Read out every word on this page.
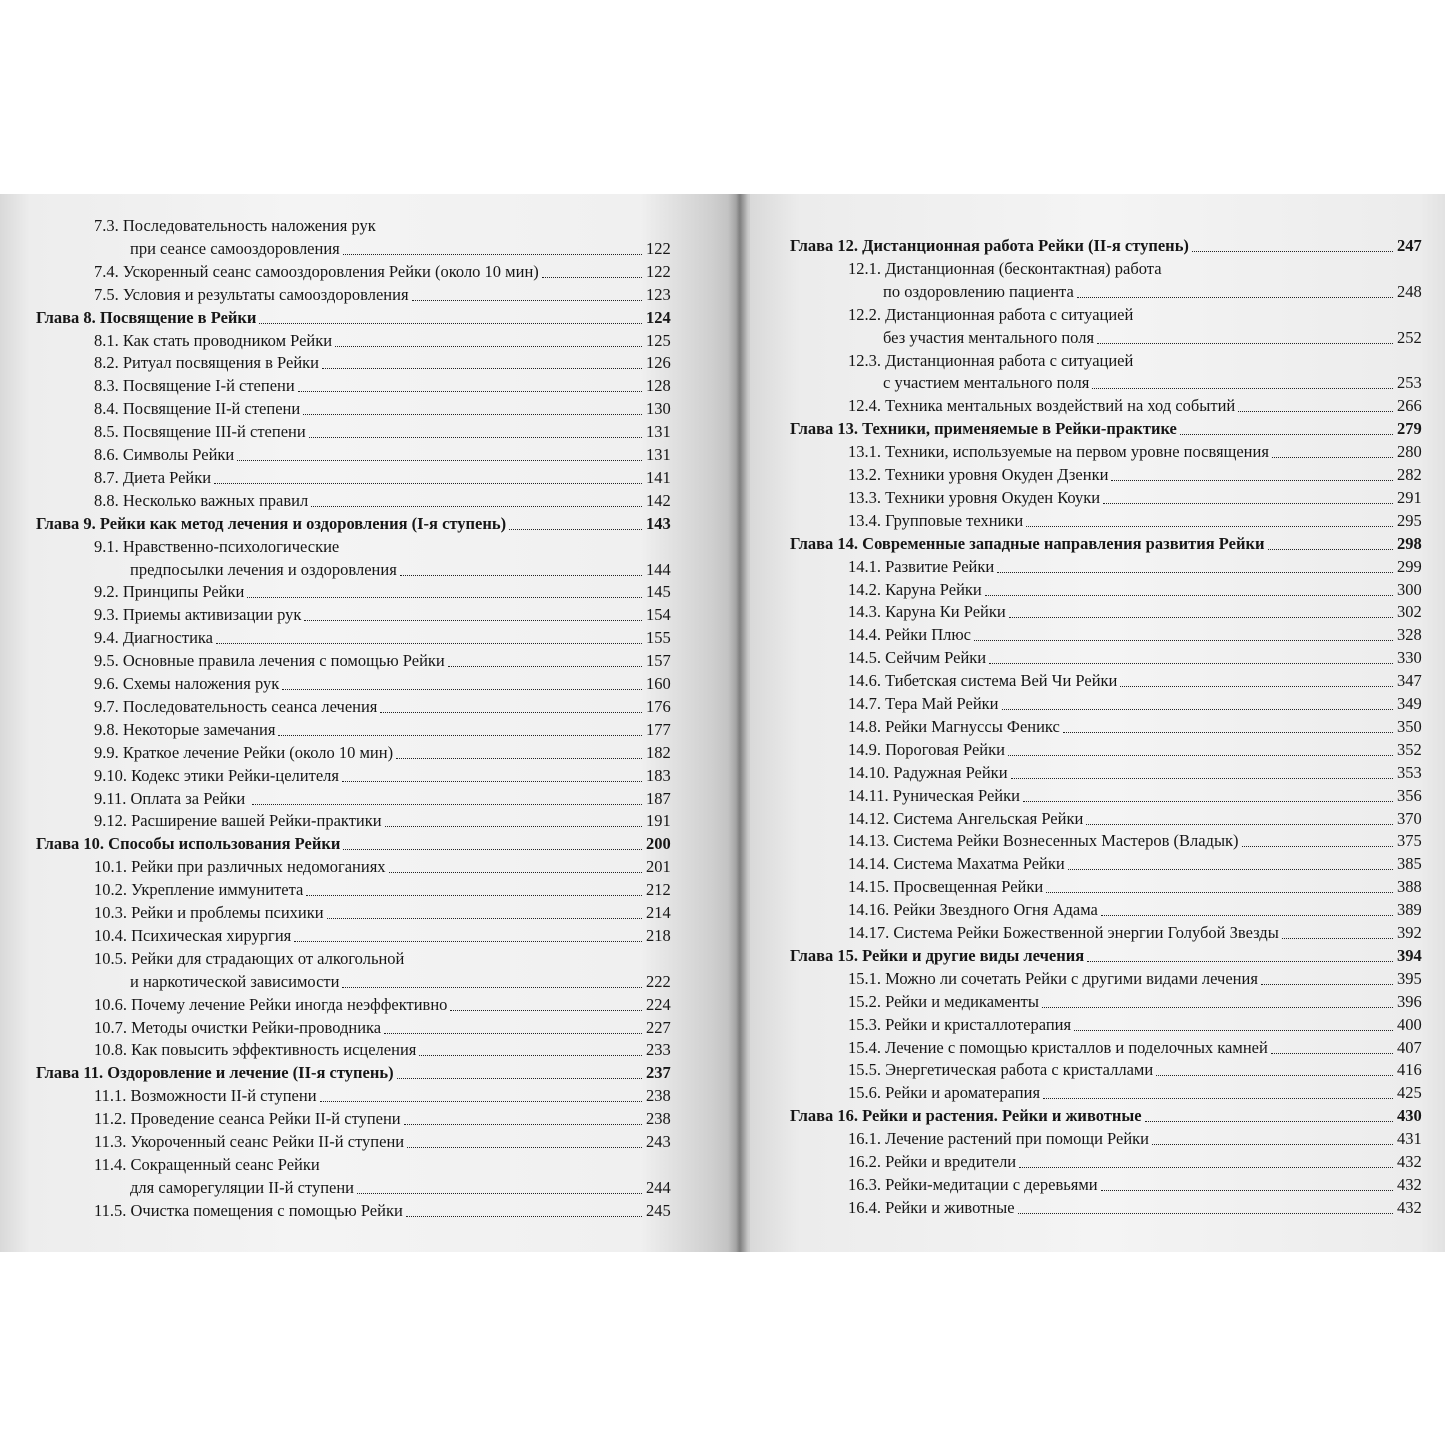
7.3. Последовательность наложения рук
при сеансе самооздоровления	122
7.4. Ускоренный сеанс самооздоровления Рейки (около 10 мин)	122
7.5. Условия и результаты самооздоровления	123
Глава 8. Посвящение в Рейки	124
8.1. Как стать проводником Рейки	125
8.2. Ритуал посвящения в Рейки	126
8.3. Посвящение I-й степени	128
8.4. Посвящение II-й степени	130
8.5. Посвящение III-й степени	131
8.6. Символы Рейки	131
8.7. Диета Рейки	141
8.8. Несколько важных правил	142
Глава 9. Рейки как метод лечения и оздоровления (I-я ступень)	143
9.1. Нравственно-психологические
предпосылки лечения и оздоровления	144
9.2. Принципы Рейки	145
9.3. Приемы активизации рук	154
9.4. Диагностика	155
9.5. Основные правила лечения с помощью Рейки	157
9.6. Схемы наложения рук	160
9.7. Последовательность сеанса лечения	176
9.8. Некоторые замечания	177
9.9. Краткое лечение Рейки (около 10 мин)	182
9.10. Кодекс этики Рейки-целителя	183
9.11. Оплата за Рейки	187
9.12. Расширение вашей Рейки-практики	191
Глава 10. Способы использования Рейки	200
10.1. Рейки при различных недомоганиях	201
10.2. Укрепление иммунитета	212
10.3. Рейки и проблемы психики	214
10.4. Психическая хирургия	218
10.5. Рейки для страдающих от алкогольной
и наркотической зависимости	222
10.6. Почему лечение Рейки иногда неэффективно	224
10.7. Методы очистки Рейки-проводника	227
10.8. Как повысить эффективность исцеления	233
Глава 11. Оздоровление и лечение (II-я ступень)	237
11.1. Возможности II-й ступени	238
11.2. Проведение сеанса Рейки II-й ступени	238
11.3. Укороченный сеанс Рейки II-й ступени	243
11.4. Сокращенный сеанс Рейки
для саморегуляции II-й ступени	244
11.5. Очистка помещения с помощью Рейки	245
Глава 12. Дистанционная работа Рейки (II-я ступень)	247
12.1. Дистанционная (бесконтактная) работа
по оздоровлению пациента	248
12.2. Дистанционная работа с ситуацией
без участия ментального поля	252
12.3. Дистанционная работа с ситуацией
с участием ментального поля	253
12.4. Техника ментальных воздействий на ход событий	266
Глава 13. Техники, применяемые в Рейки-практике	279
13.1. Техники, используемые на первом уровне посвящения	280
13.2. Техники уровня Окуден Дзенки	282
13.3. Техники уровня Окуден Коуки	291
13.4. Групповые техники	295
Глава 14. Современные западные направления развития Рейки	298
14.1. Развитие Рейки	299
14.2. Каруна Рейки	300
14.3. Каруна Ки Рейки	302
14.4. Рейки Плюс	328
14.5. Сейчим Рейки	330
14.6. Тибетская система Вей Чи Рейки	347
14.7. Тера Май Рейки	349
14.8. Рейки Магнуссы Феникс	350
14.9. Пороговая Рейки	352
14.10. Радужная Рейки	353
14.11. Руническая Рейки	356
14.12. Система Ангельская Рейки	370
14.13. Система Рейки Вознесенных Мастеров (Владык)	375
14.14. Система Махатма Рейки	385
14.15. Просвещенная Рейки	388
14.16. Рейки Звездного Огня Адама	389
14.17. Система Рейки Божественной энергии Голубой Звезды	392
Глава 15. Рейки и другие виды лечения	394
15.1. Можно ли сочетать Рейки с другими видами лечения	395
15.2. Рейки и медикаменты	396
15.3. Рейки и кристаллотерапия	400
15.4. Лечение с помощью кристаллов и поделочных камней	407
15.5. Энергетическая работа с кристаллами	416
15.6. Рейки и ароматерапия	425
Глава 16. Рейки и растения. Рейки и животные	430
16.1. Лечение растений при помощи Рейки	431
16.2. Рейки и вредители	432
16.3. Рейки-медитации с деревьями	432
16.4. Рейки и животные	432
